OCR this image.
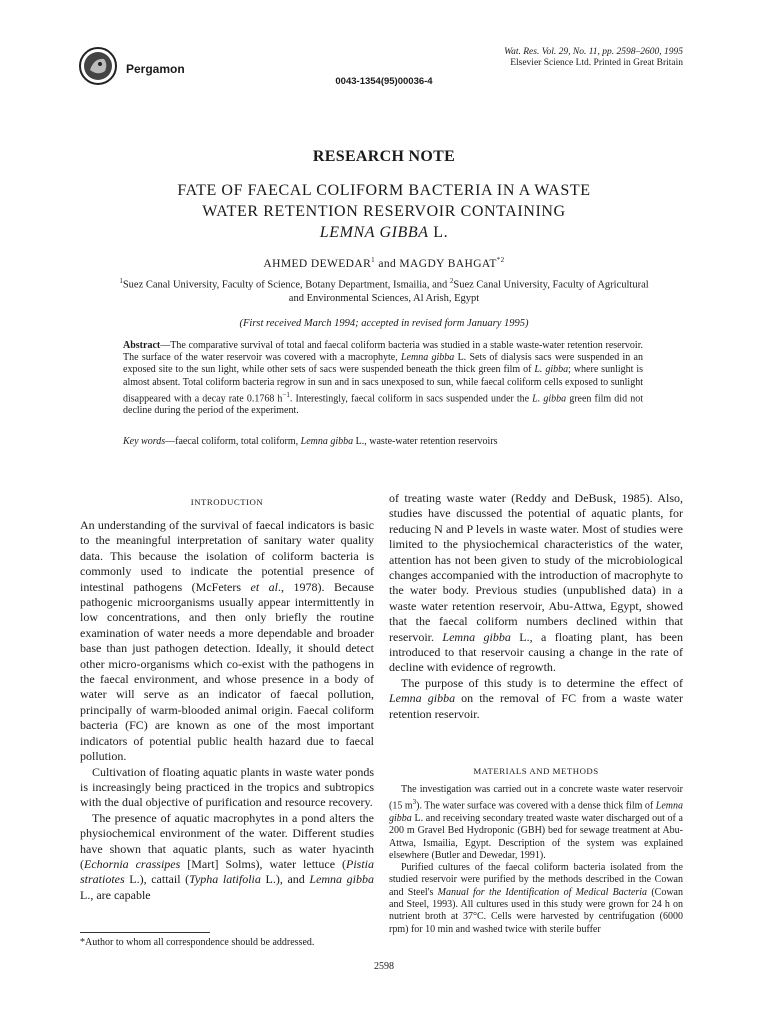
Pergamon
Wat. Res. Vol. 29, No. 11, pp. 2598–2600, 1995
Elsevier Science Ltd. Printed in Great Britain
0043-1354(95)00036-4
RESEARCH NOTE
FATE OF FAECAL COLIFORM BACTERIA IN A WASTE
WATER RETENTION RESERVOIR CONTAINING
LEMNA GIBBA L.
AHMED DEWEDAR$^1$ and MAGDY BAHGAT$^{*2}$
$^1$Suez Canal University, Faculty of Science, Botany Department, Ismailia, and $^2$Suez Canal University, Faculty of Agricultural and Environmental Sciences, Al Arish, Egypt
(First received March 1994; accepted in revised form January 1995)
Abstract—The comparative survival of total and faecal coliform bacteria was studied in a stable waste-water retention reservoir. The surface of the water reservoir was covered with a macrophyte, Lemna gibba L. Sets of dialysis sacs were suspended in an exposed site to the sun light, while other sets of sacs were suspended beneath the thick green film of L. gibba; where sunlight is almost absent. Total coliform bacteria regrow in sun and in sacs unexposed to sun, while faecal coliform cells exposed to sunlight disappeared with a decay rate 0.1768 $h^{-1}$. Interestingly, faecal coliform in sacs suspended under the L. gibba green film did not decline during the period of the experiment.
Key words—faecal coliform, total coliform, Lemna gibba L., waste-water retention reservoirs
INTRODUCTION
MATERIALS AND METHODS

An understanding of the survival of faecal indicators is basic to the meaningful interpretation of sanitary water quality data. This because the isolation of coliform bacteria is commonly used to indicate the potential presence of intestinal pathogens (McFeters et al., 1978). Because pathogenic microorganisms usually appear intermittently in low concentrations, and then only briefly the routine examination of water needs a more dependable and broader base than just pathogen detection. Ideally, it should detect other micro-organisms which co-exist with the pathogens in the faecal environment, and whose presence in a body of water will serve as an indicator of faecal pollution, principally of warm-blooded animal origin. Faecal coliform bacteria (FC) are known as one of the most important indicators of potential public health hazard due to faecal pollution.

Cultivation of floating aquatic plants in waste water ponds is increasingly being practiced in the tropics and subtropics with the dual objective of purification and resource recovery.

The presence of aquatic macrophytes in a pond alters the physiochemical environment of the water. Different studies have shown that aquatic plants, such as water hyacinth (Echornia crassipes [Mart] Solms), water lettuce (Pistia stratiotes L.), cattail (Typha latifolia L.), and Lemna gibba L., are capable

of treating waste water (Reddy and DeBusk, 1985). Also, studies have discussed the potential of aquatic plants, for reducing N and P levels in waste water. Most of studies were limited to the physiochemical characteristics of the water, attention has not been given to study of the microbiological changes accompanied with the introduction of macrophyte to the water body. Previous studies (unpublished data) in a waste water retention reservoir, Abu-Attwa, Egypt, showed that the faecal coliform numbers declined within that reservoir. Lemna gibba L., a floating plant, has been introduced to that reservoir causing a change in the rate of decline with evidence of regrowth.

The purpose of this study is to determine the effect of Lemna gibba on the removal of FC from a waste water retention reservoir.

The investigation was carried out in a concrete waste water reservoir (15 $m^3$). The water surface was covered with a dense thick film of Lemna gibba L. and receiving secondary treated waste water discharged out of a 200 m Gravel Bed Hydroponic (GBH) bed for sewage treatment at Abu-Attwa, Ismailia, Egypt. Description of the system was explained elsewhere (Butler and Dewedar, 1991).

Purified cultures of the faecal coliform bacteria isolated from the studied reservoir were purified by the methods described in the Cowan and Steel's Manual for the Identification of Medical Bacteria (Cowan and Steel, 1993). All cultures used in this study were grown for 24 h on nutrient broth at 37°C. Cells were harvested by centrifugation (6000 rpm) for 10 min and washed twice with sterile buffer

*Author to whom all correspondence should be addressed.
2598
